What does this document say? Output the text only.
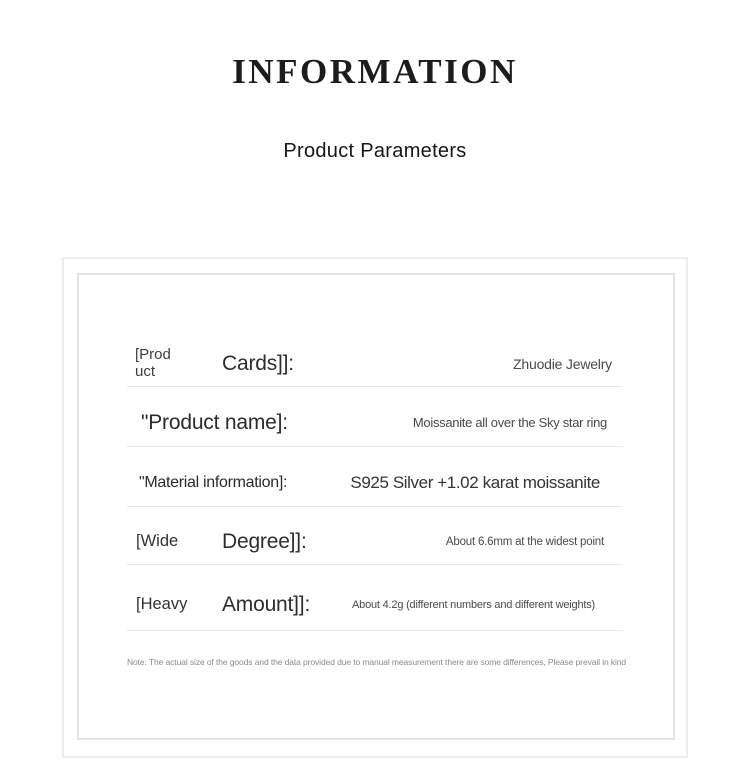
INFORMATION
Product Parameters
[Product	Cards]]:	Zhuodie Jewelry
"Product name]:	Moissanite all over the Sky star ring
"Material information]:	S925 Silver +1.02 karat moissanite
[Wide	Degree]]:	About 6.6mm at the widest point
[Heavy	Amount]]:	About 4.2g (different numbers and different weights)
Note: The actual size of the goods and the data provided due to manual measurement there are some differences, Please prevail in kind
